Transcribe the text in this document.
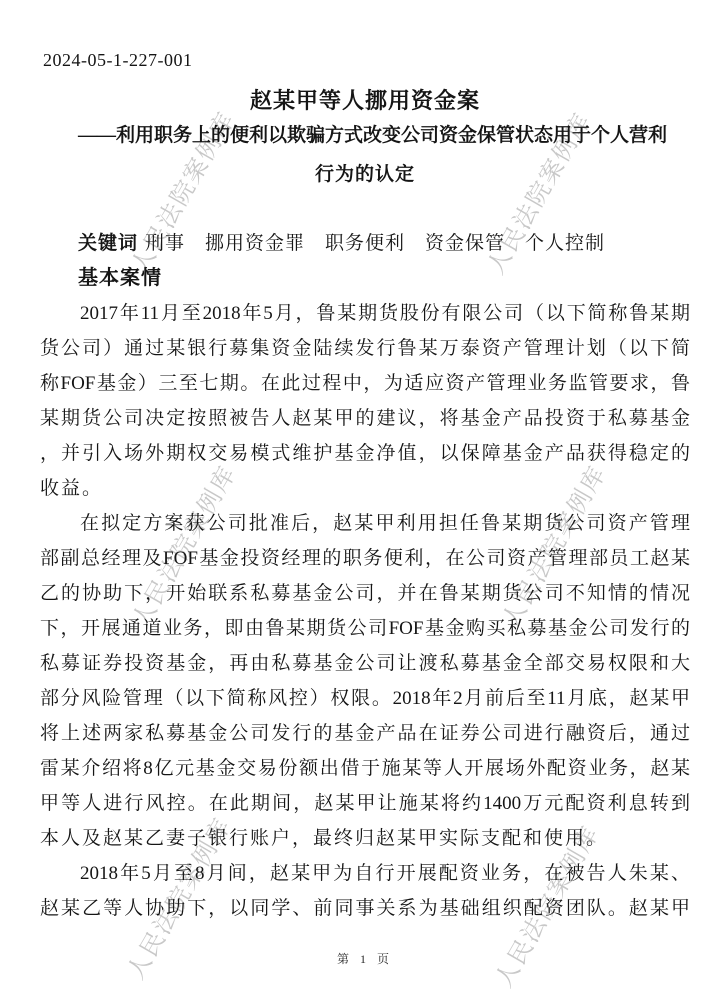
人民法院案例库	人民法院案例库
人民法院案例库	人民法院案例库
人民法院案例库	人民法院案例库
2024-05-1-227-001
赵某甲等人挪用资金案
——利用职务上的便利以欺骗方式改变公司资金保管状态用于个人营利
行为的认定
关键词 刑事　挪用资金罪　职务便利　资金保管　个人控制
基本案情
2017年11月至2018年5月，鲁某期货股份有限公司（以下简称鲁某期
货公司）通过某银行募集资金陆续发行鲁某万泰资产管理计划（以下简
称FOF基金）三至七期。在此过程中，为适应资产管理业务监管要求，鲁
某期货公司决定按照被告人赵某甲的建议，将基金产品投资于私募基金
，并引入场外期权交易模式维护基金净值，以保障基金产品获得稳定的
收益。
在拟定方案获公司批准后，赵某甲利用担任鲁某期货公司资产管理
部副总经理及FOF基金投资经理的职务便利，在公司资产管理部员工赵某
乙的协助下，开始联系私募基金公司，并在鲁某期货公司不知情的情况
下，开展通道业务，即由鲁某期货公司FOF基金购买私募基金公司发行的
私募证券投资基金，再由私募基金公司让渡私募基金全部交易权限和大
部分风险管理（以下简称风控）权限。2018年2月前后至11月底，赵某甲
将上述两家私募基金公司发行的基金产品在证券公司进行融资后，通过
雷某介绍将8亿元基金交易份额出借于施某等人开展场外配资业务，赵某
甲等人进行风控。在此期间，赵某甲让施某将约1400万元配资利息转到
本人及赵某乙妻子银行账户，最终归赵某甲实际支配和使用。
2018年5月至8月间，赵某甲为自行开展配资业务，在被告人朱某、
赵某乙等人协助下，以同学、前同事关系为基础组织配资团队。赵某甲
第 1 页
